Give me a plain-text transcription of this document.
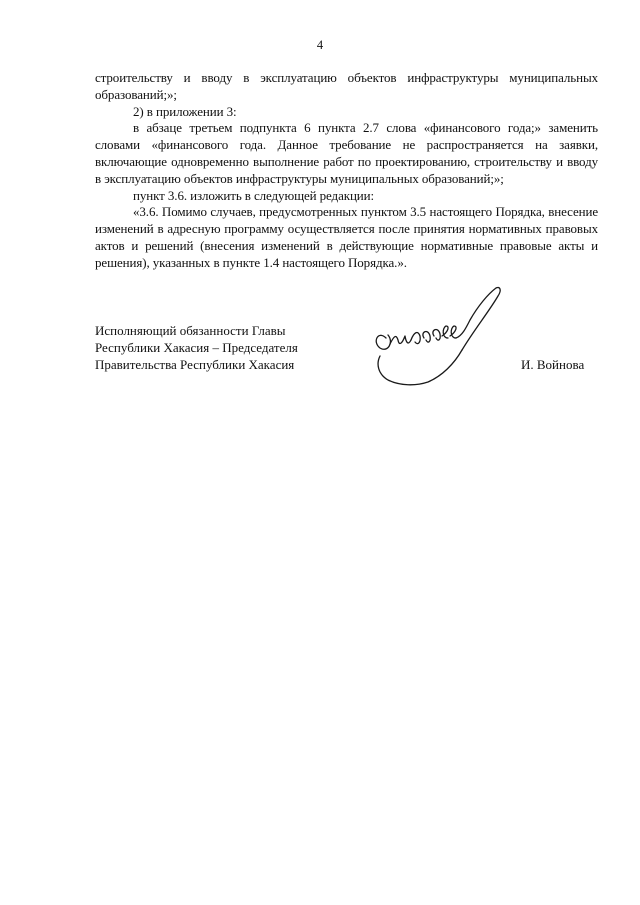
4

строительству и вводу в эксплуатацию объектов инфраструктуры муниципальных образований;»;

2) в приложении 3:

в абзаце третьем подпункта 6 пункта 2.7 слова «финансового года;» заменить словами «финансового года. Данное требование не распространяется на заявки, включающие одновременно выполнение работ по проектированию, строительству и вводу в эксплуатацию объектов инфраструктуры муниципальных образований;»;

пункт 3.6. изложить в следующей редакции:

«3.6. Помимо случаев, предусмотренных пунктом 3.5 настоящего Порядка, внесение изменений в адресную программу осуществляется после принятия нормативных правовых актов и решений (внесения изменений в действующие нормативные правовые акты и решения), указанных в пункте 1.4 настоящего Порядка.».

Исполняющий обязанности Главы
Республики Хакасия – Председателя
Правительства Республики Хакасия	И. Войнова
